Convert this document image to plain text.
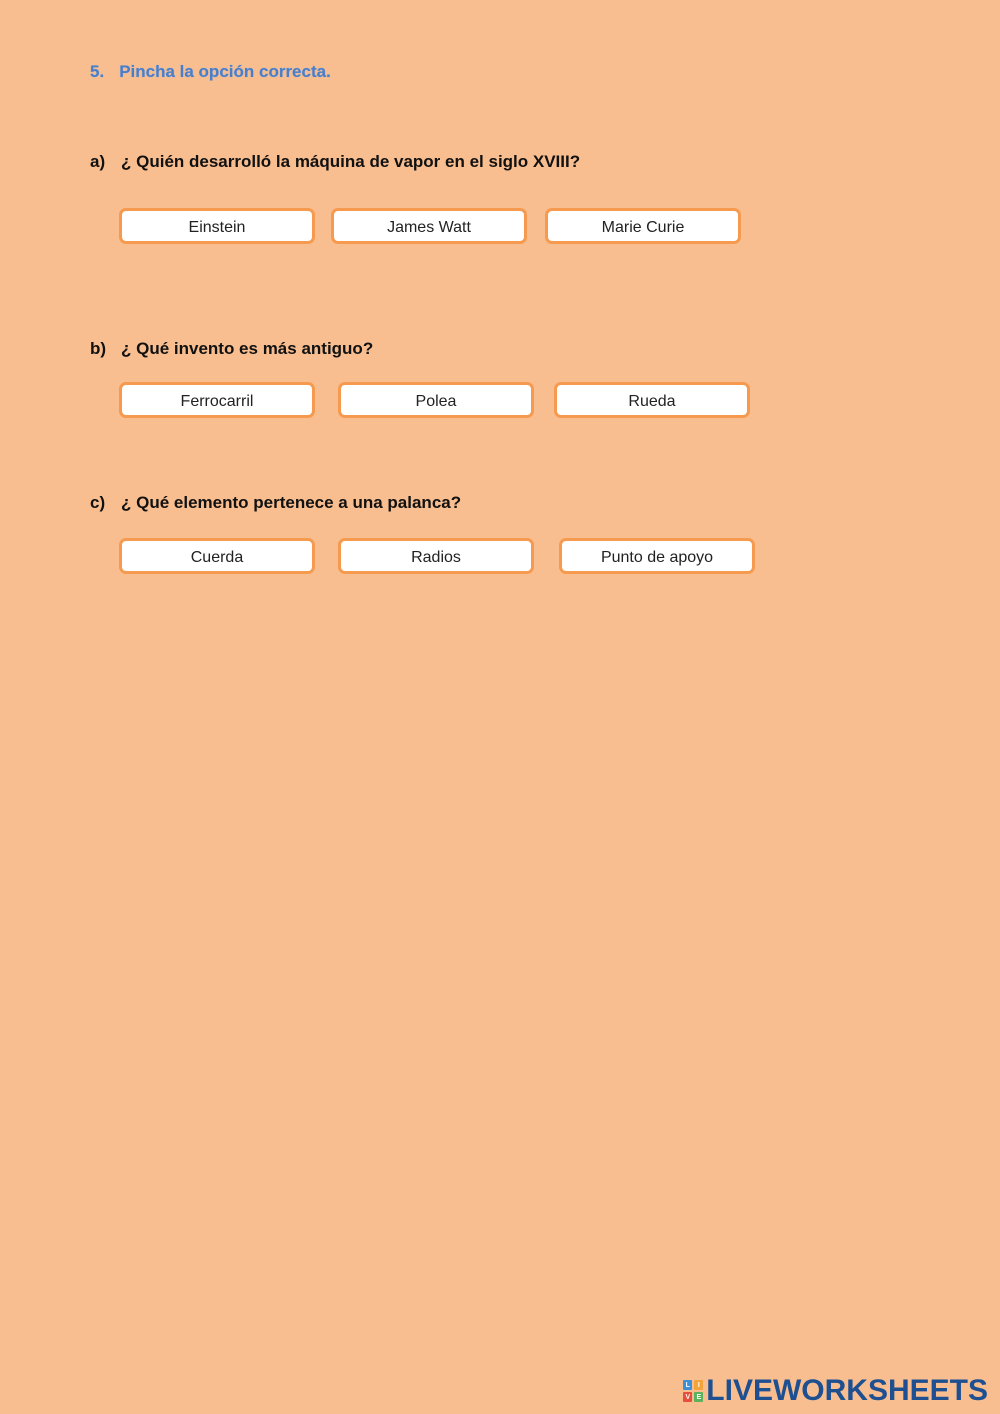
5. Pincha la opción correcta.
a) ¿ Quién desarrolló la máquina de vapor en el siglo XVIII?
Einstein	James Watt	Marie Curie
b) ¿ Qué invento es más antiguo?
Ferrocarril	Polea	Rueda
c) ¿ Qué elemento pertenece a una palanca?
Cuerda	Radios	Punto de apoyo
L	I
V E LIVEWORKSHEETS
